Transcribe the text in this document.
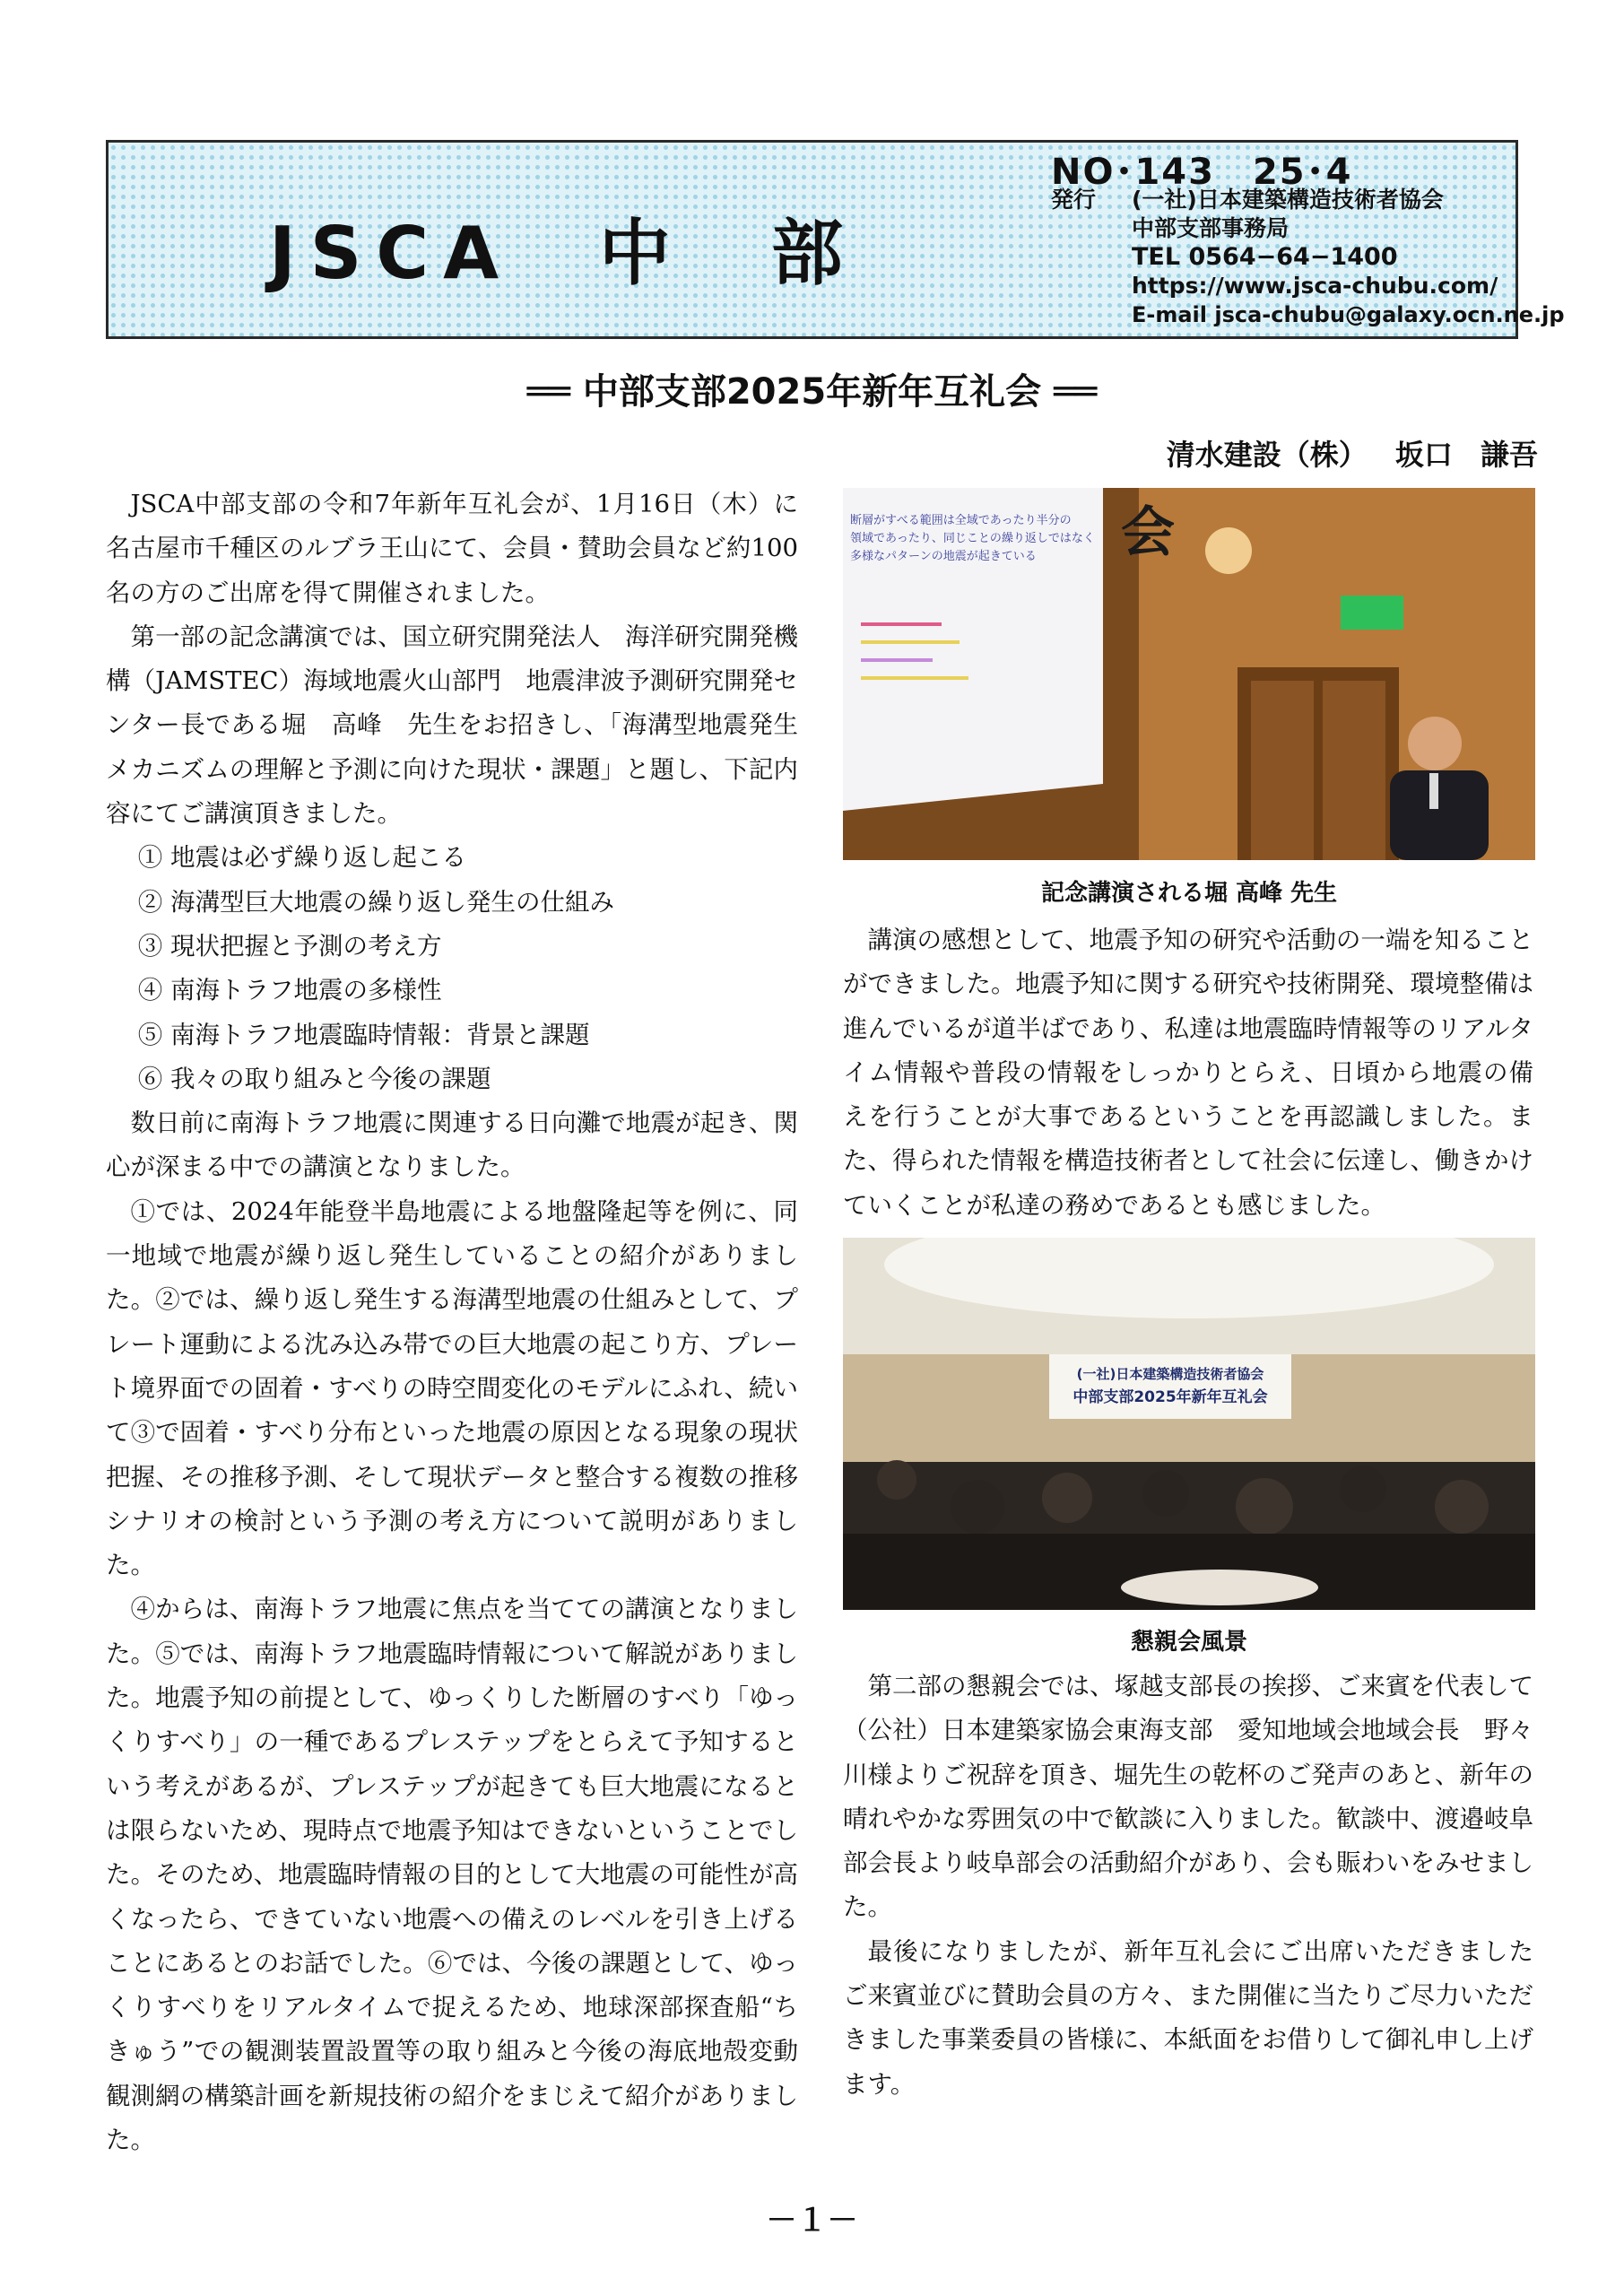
JSCA　中　部
NO･143　25･4
発行 (一社)日本建築構造技術者協会
中部支部事務局
TEL 0564−64−1400
https://www.jsca-chubu.com/
E-mail jsca-chubu@galaxy.ocn.ne.jp
══ 中部支部2025年新年互礼会 ══
清水建設（株） 坂口 謙吾

JSCA中部支部の令和7年新年互礼会が、1月16日（木）に名古屋市千種区のルブラ王山にて、会員・賛助会員など約100名の方のご出席を得て開催されました。

第一部の記念講演では、国立研究開発法人　海洋研究開発機構（JAMSTEC）海域地震火山部門　地震津波予測研究開発センター長である堀　高峰　先生をお招きし、「海溝型地震発生メカニズムの理解と予測に向けた現状・課題」と題し、下記内容にてご講演頂きました。

① 地震は必ず繰り返し起こる

② 海溝型巨大地震の繰り返し発生の仕組み

③ 現状把握と予測の考え方

④ 南海トラフ地震の多様性

⑤ 南海トラフ地震臨時情報：背景と課題

⑥ 我々の取り組みと今後の課題

数日前に南海トラフ地震に関連する日向灘で地震が起き、関心が深まる中での講演となりました。

①では、2024年能登半島地震による地盤隆起等を例に、同一地域で地震が繰り返し発生していることの紹介がありました。②では、繰り返し発生する海溝型地震の仕組みとして、プレート運動による沈み込み帯での巨大地震の起こり方、プレート境界面での固着・すべりの時空間変化のモデルにふれ、続いて③で固着・すべり分布といった地震の原因となる現象の現状把握、その推移予測、そして現状データと整合する複数の推移シナリオの検討という予測の考え方について説明がありました。

④からは、南海トラフ地震に焦点を当てての講演となりました。⑤では、南海トラフ地震臨時情報について解説がありました。地震予知の前提として、ゆっくりした断層のすべり「ゆっくりすべり」の一種であるプレステップをとらえて予知するという考えがあるが、プレステップが起きても巨大地震になるとは限らないため、現時点で地震予知はできないということでした。そのため、地震臨時情報の目的として大地震の可能性が高くなったら、できていない地震への備えのレベルを引き上げることにあるとのお話でした。⑥では、今後の課題として、ゆっくりすべりをリアルタイムで捉えるため、地球深部探査船“ちきゅう”での観測装置設置等の取り組みと今後の海底地殻変動観測網の構築計画を新規技術の紹介をまじえて紹介がありました。

会
断層がすべる範囲は全域であったり半分の
領域であったり、同じことの繰り返しではなく
多様なパターンの地震が起きている
記念講演される堀 高峰 先生

講演の感想として、地震予知の研究や活動の一端を知ることができました。地震予知に関する研究や技術開発、環境整備は進んでいるが道半ばであり、私達は地震臨時情報等のリアルタイム情報や普段の情報をしっかりとらえ、日頃から地震の備えを行うことが大事であるということを再認識しました。また、得られた情報を構造技術者として社会に伝達し、働きかけていくことが私達の務めであるとも感じました。

(一社)日本建築構造技術者協会
中部支部2025年新年互礼会
懇親会風景

第二部の懇親会では、塚越支部長の挨拶、ご来賓を代表して（公社）日本建築家協会東海支部　愛知地域会地域会長　野々川様よりご祝辞を頂き、堀先生の乾杯のご発声のあと、新年の晴れやかな雰囲気の中で歓談に入りました。歓談中、渡邉岐阜部会長より岐阜部会の活動紹介があり、会も賑わいをみせました。

最後になりましたが、新年互礼会にご出席いただきました ご来賓並びに賛助会員の方々、また開催に当たりご尽力いただきました事業委員の皆様に、本紙面をお借りして御礼申し上げます。

－１－
